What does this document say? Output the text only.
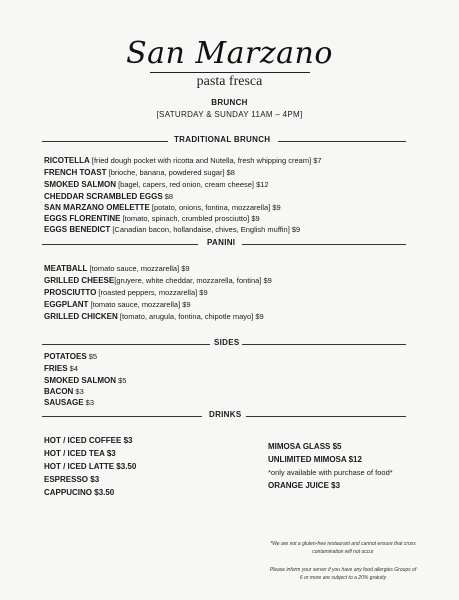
San Marzano
pasta fresca
BRUNCH
[SATURDAY & SUNDAY 11AM – 4PM]
TRADITIONAL BRUNCH
RICOTELLA [fried dough pocket with ricotta and Nutella, fresh whipping cream] $7
FRENCH TOAST [brioche, banana, powdered sugar] $8
SMOKED SALMON [bagel, capers, red onion, cream cheese] $12
CHEDDAR SCRAMBLED EGGS $8
SAN MARZANO OMELETTE [potato, onions, fontina, mozzarella] $9
EGGS FLORENTINE [tomato, spinach, crumbled prosciutto] $9
EGGS BENEDICT [Canadian bacon, hollandaise, chives, English muffin] $9
PANINI
MEATBALL [tomato sauce, mozzarella] $9
GRILLED CHEESE[gruyere, white cheddar, mozzarella, fontina] $9
PROSCIUTTO [roasted peppers, mozzarella] $9
EGGPLANT [tomato sauce, mozzarella] $9
GRILLED CHICKEN [tomato, arugula, fontina, chipotle mayo] $9
SIDES
POTATOES $5
FRIES $4
SMOKED SALMON $5
BACON $3
SAUSAGE $3
DRINKS
HOT / ICED COFFEE $3
HOT / ICED TEA $3
HOT / ICED LATTE $3.50
ESPRESSO $3
CAPPUCINO $3.50
MIMOSA GLASS $5
UNLIMITED MIMOSA $12
*only available with purchase of food*
ORANGE JUICE $3
*We are not a gluten-free restaurant and cannot ensure that cross contamination will not occur
Please inform your server if you have any food allergies Groups of 6 or more are subject to a 20% gratuity
